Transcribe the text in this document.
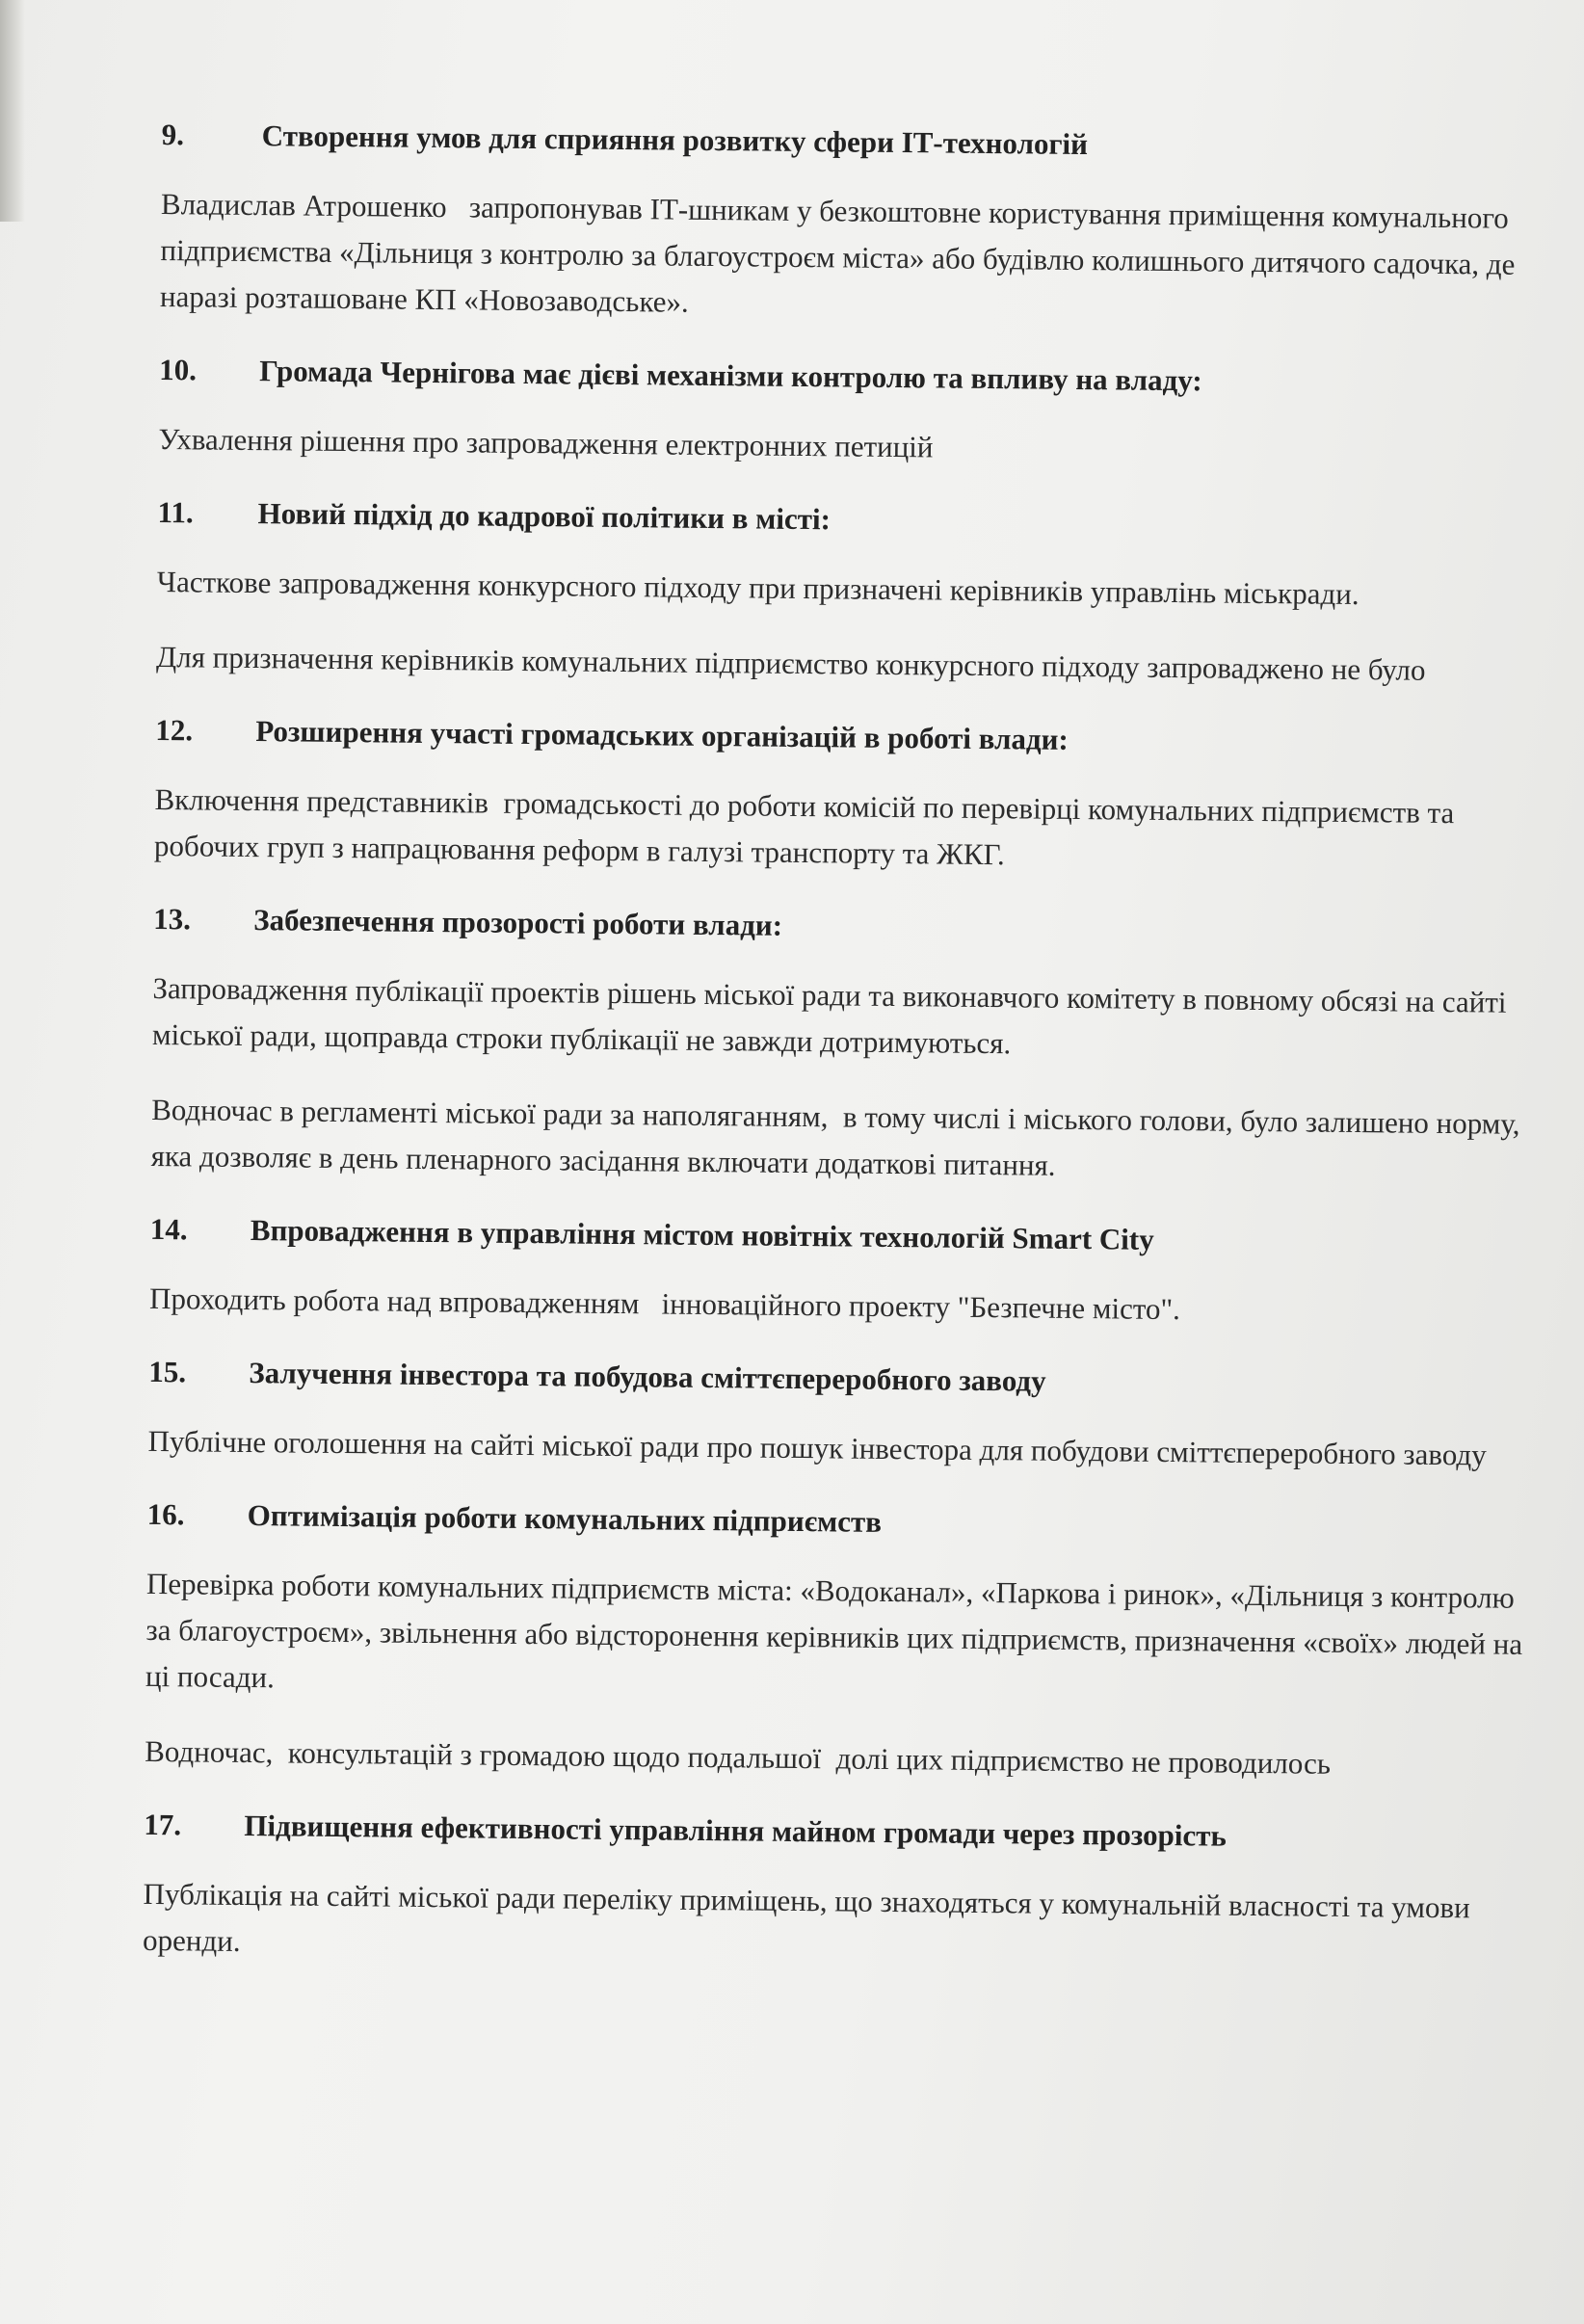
9.	Створення умов для сприяння розвитку сфери ІТ-технологій

Владислав Атрошенко   запропонував ІТ-шникам у безкоштовне користування приміщення комунального підприємства «Дільниця з контролю за благоустроєм міста» або будівлю колишнього дитячого садочка, де наразі розташоване КП «Новозаводське».

10.	Громада Чернігова має дієві механізми контролю та впливу на владу:

Ухвалення рішення про запровадження електронних петицій

11.	Новий підхід до кадрової політики в місті:

Часткове запровадження конкурсного підходу при призначені керівників управлінь міськради.

Для призначення керівників комунальних підприємство конкурсного підходу запроваджено не було

12.	Розширення участі громадських організацій в роботі влади:

Включення представників  громадськості до роботи комісій по перевірці комунальних підприємств та робочих груп з напрацювання реформ в галузі транспорту та ЖКГ.

13.	Забезпечення прозорості роботи влади:

Запровадження публікації проектів рішень міської ради та виконавчого комітету в повному обсязі на сайті міської ради, щоправда строки публікації не завжди дотримуються.

Водночас в регламенті міської ради за наполяганням,  в тому числі і міського голови, було залишено норму, яка дозволяє в день пленарного засідання включати додаткові питання.

14.	Впровадження в управління містом новітніх технологій Smart City

Проходить робота над впровадженням   інноваційного проекту "Безпечне місто".

15.	Залучення інвестора та побудова сміттєпереробного заводу

Публічне оголошення на сайті міської ради про пошук інвестора для побудови сміттєпереробного заводу

16.	Оптимізація роботи комунальних підприємств

Перевірка роботи комунальних підприємств міста: «Водоканал», «Паркова і ринок», «Дільниця з контролю за благоустроєм», звільнення або відсторонення керівників цих підприємств, призначення «своїх» людей на ці посади.

Водночас,  консультацій з громадою щодо подальшої  долі цих підприємство не проводилось

17.	Підвищення ефективності управління майном громади через прозорість

Публікація на сайті міської ради переліку приміщень, що знаходяться у комунальній власності та умови оренди.
